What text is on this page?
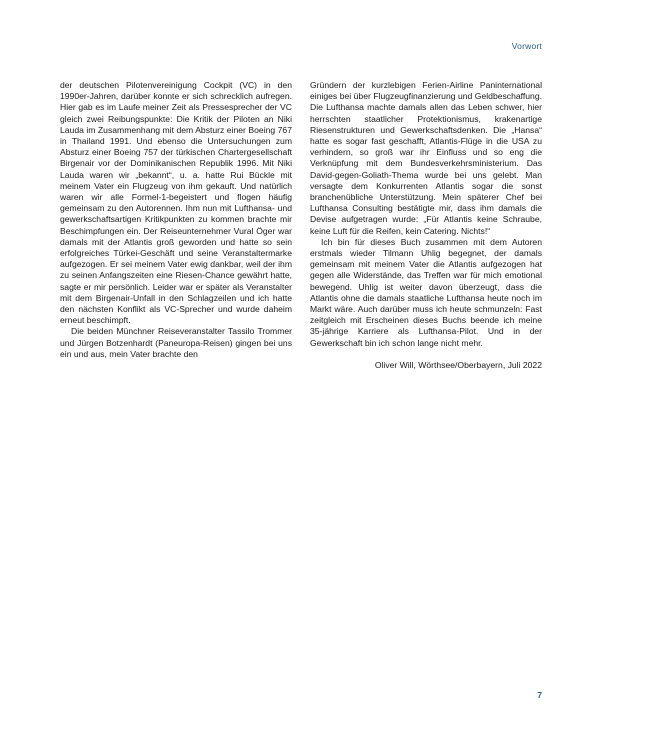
Vorwort

der deutschen Pilotenvereinigung Cockpit (VC) in den 1990er-Jahren, darüber konnte er sich schrecklich aufregen. Hier gab es im Laufe meiner Zeit als Pressesprecher der VC gleich zwei Reibungspunkte: Die Kritik der Piloten an Niki Lauda im Zusammenhang mit dem Absturz einer Boeing 767 in Thailand 1991. Und ebenso die Untersuchungen zum Absturz einer Boeing 757 der türkischen Chartergesellschaft Birgenair vor der Dominikanischen Republik 1996. Mit Niki Lauda waren wir „bekannt“, u. a. hatte Rui Bückle mit meinem Vater ein Flugzeug von ihm gekauft. Und natürlich waren wir alle Formel-1-begeistert und flogen häufig gemeinsam zu den Autorennen. Ihm nun mit Lufthansa- und gewerkschaftsartigen Kritikpunkten zu kommen brachte mir Beschimpfungen ein. Der Reiseunternehmer Vural Öger war damals mit der Atlantis groß geworden und hatte so sein erfolgreiches Türkei-Geschäft und seine Veranstaltermarke aufgezogen. Er sei meinem Vater ewig dankbar, weil der ihm zu seinen Anfangszeiten eine Riesen-Chance gewährt hatte, sagte er mir persönlich. Leider war er später als Veranstalter mit dem Birgenair-Unfall in den Schlagzeilen und ich hatte den nächsten Konflikt als VC-Sprecher und wurde daheim erneut beschimpft.

Die beiden Münchner Reiseveranstalter Tassilo Trommer und Jürgen Botzenhardt (Paneuropa-Reisen) gingen bei uns ein und aus, mein Vater brachte den

Gründern der kurzlebigen Ferien-Airline Paninternational einiges bei über Flugzeugfinanzierung und Geldbeschaffung. Die Lufthansa machte damals allen das Leben schwer, hier herrschten staatlicher Protektionismus, krakenartige Riesenstrukturen und Gewerkschaftsdenken. Die „Hansa“ hatte es sogar fast geschafft, Atlantis-Flüge in die USA zu verhindern, so groß war ihr Einfluss und so eng die Verknüpfung mit dem Bundesverkehrsministerium. Das David-gegen-Goliath-Thema wurde bei uns gelebt. Man versagte dem Konkurrenten Atlantis sogar die sonst branchenübliche Unterstützung. Mein späterer Chef bei Lufthansa Consulting bestätigte mir, dass ihm damals die Devise aufgetragen wurde: „Für Atlantis keine Schraube, keine Luft für die Reifen, kein Catering. Nichts!“

Ich bin für dieses Buch zusammen mit dem Autoren erstmals wieder Tilmann Uhlig begegnet, der damals gemeinsam mit meinem Vater die Atlantis aufgezogen hat gegen alle Widerstände, das Treffen war für mich emotional bewegend. Uhlig ist weiter davon überzeugt, dass die Atlantis ohne die damals staatliche Lufthansa heute noch im Markt wäre. Auch darüber muss ich heute schmunzeln: Fast zeitgleich mit Erscheinen dieses Buchs beende ich meine 35-jährige Karriere als Lufthansa-Pilot. Und in der Gewerkschaft bin ich schon lange nicht mehr.

Oliver Will, Wörthsee/Oberbayern, Juli 2022

7
